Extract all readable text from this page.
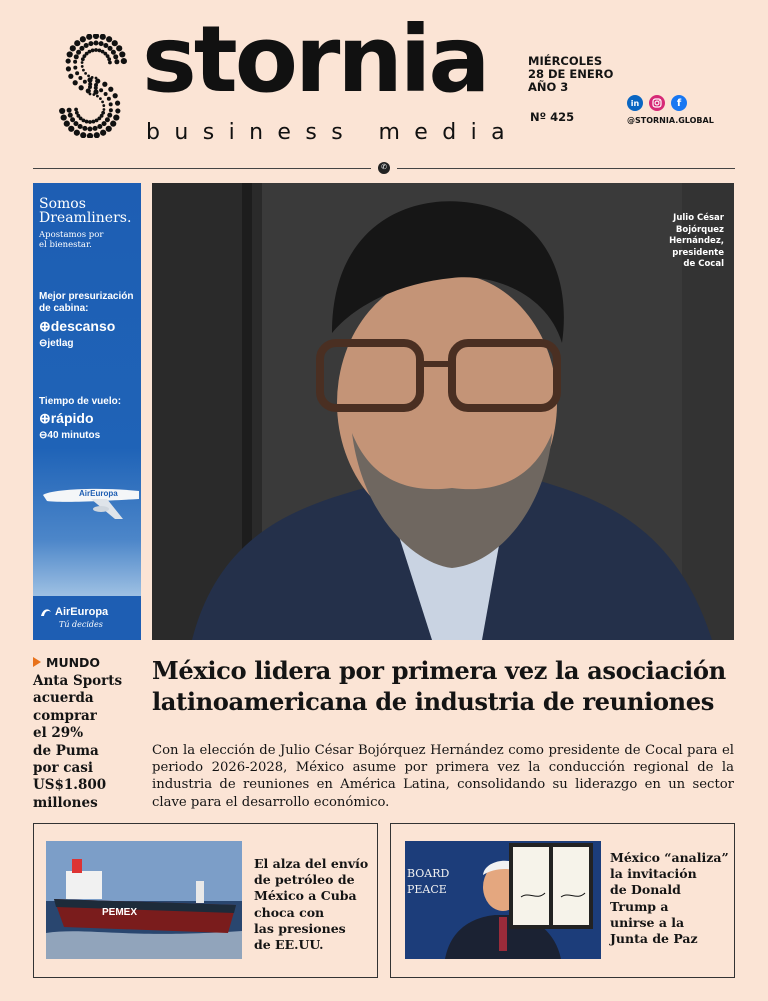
stornia
business media
MIÉRCOLES
28 DE ENERO
AÑO 3
Nº 425
in	f
@STORNIA.GLOBAL
✆
Somos
Dreamliners.
Apostamos por
el bienestar.
Mejor presurización
de cabina:
⊕descanso
⊖jetlag
Tiempo de vuelo:
⊕rápido
⊖40 minutos
AirEuropa
AirEuropa
Tú decides
Julio César
Bojórquez
Hernández,
presidente
de Cocal
MUNDO
Anta Sports
acuerda
comprar
el 29%
de Puma
por casi
US$1.800
millones
México lidera por primera vez la asociación latinoamericana de industria de reuniones

Con la elección de Julio César Bojórquez Hernández como presidente de Cocal para el periodo 2026-2028, México asume por primera vez la conducción regional de la industria de reuniones en América Latina, consolidando su liderazgo en un sector clave para el desarrollo económico.

PEMEX
El alza del envío
de petróleo de
México a Cuba
choca con
las presiones
de EE.UU.
BOARD
PEACE
México “analiza”
la invitación
de Donald
Trump a
unirse a la
Junta de Paz
